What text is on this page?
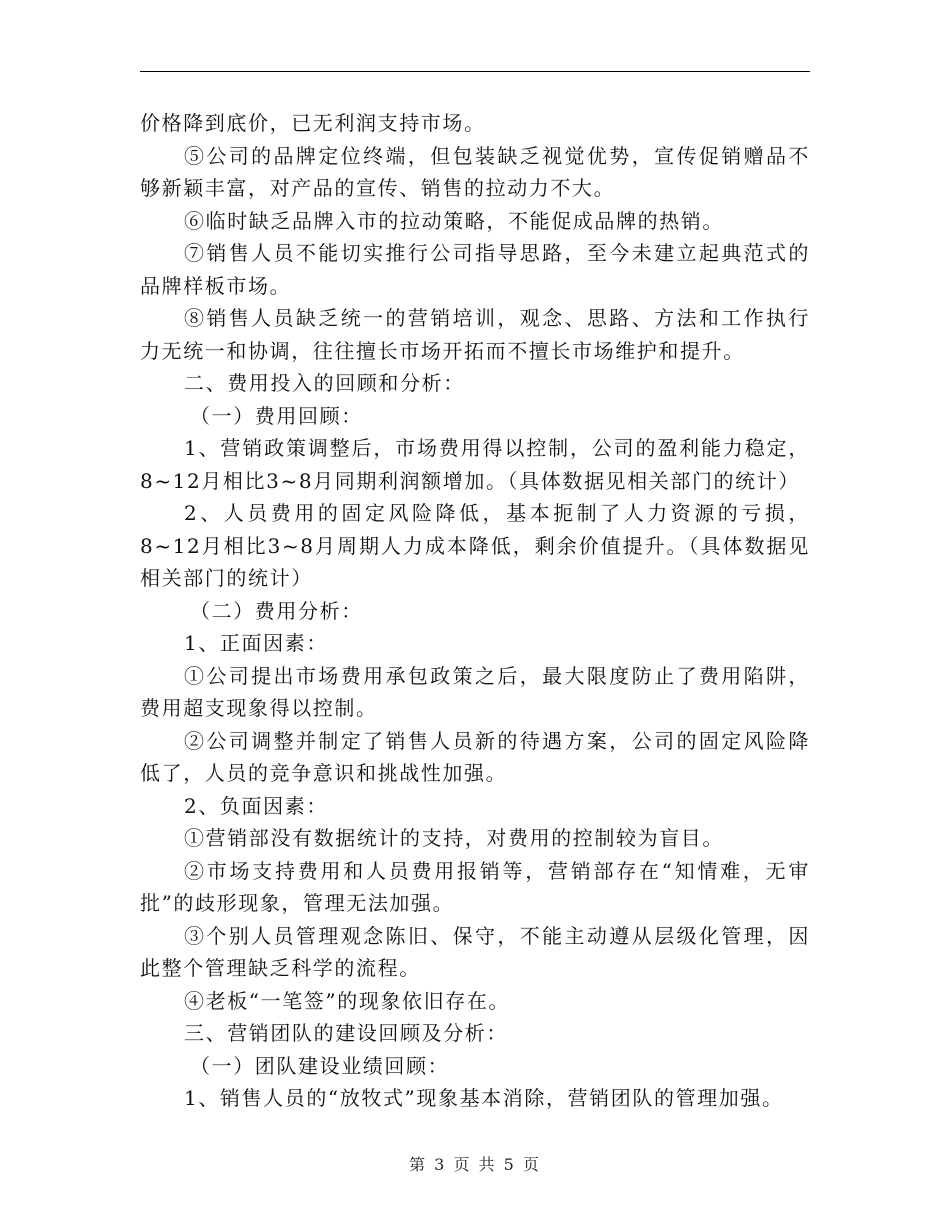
价格降到底价，已无利润支持市场。

⑤公司的品牌定位终端，但包装缺乏视觉优势，宣传促销赠品不够新颖丰富，对产品的宣传、销售的拉动力不大。

⑥临时缺乏品牌入市的拉动策略，不能促成品牌的热销。

⑦销售人员不能切实推行公司指导思路，至今未建立起典范式的品牌样板市场。

⑧销售人员缺乏统一的营销培训，观念、思路、方法和工作执行力无统一和协调，往往擅长市场开拓而不擅长市场维护和提升。

二、费用投入的回顾和分析：

（一）费用回顾：

1、营销政策调整后，市场费用得以控制，公司的盈利能力稳定，8~12月相比3~8月同期利润额增加。（具体数据见相关部门的统计）

2、人员费用的固定风险降低，基本扼制了人力资源的亏损，8~12月相比3~8月周期人力成本降低，剩余价值提升。（具体数据见相关部门的统计）

（二）费用分析：

1、正面因素：

①公司提出市场费用承包政策之后，最大限度防止了费用陷阱，费用超支现象得以控制。

②公司调整并制定了销售人员新的待遇方案，公司的固定风险降低了，人员的竞争意识和挑战性加强。

2、负面因素：

①营销部没有数据统计的支持，对费用的控制较为盲目。

②市场支持费用和人员费用报销等，营销部存在“知情难，无审批”的歧形现象，管理无法加强。

③个别人员管理观念陈旧、保守，不能主动遵从层级化管理，因此整个管理缺乏科学的流程。

④老板“一笔签”的现象依旧存在。

三、营销团队的建设回顾及分析：

（一）团队建设业绩回顾：

1、销售人员的“放牧式”现象基本消除，营销团队的管理加强。

第 3 页 共 5 页
